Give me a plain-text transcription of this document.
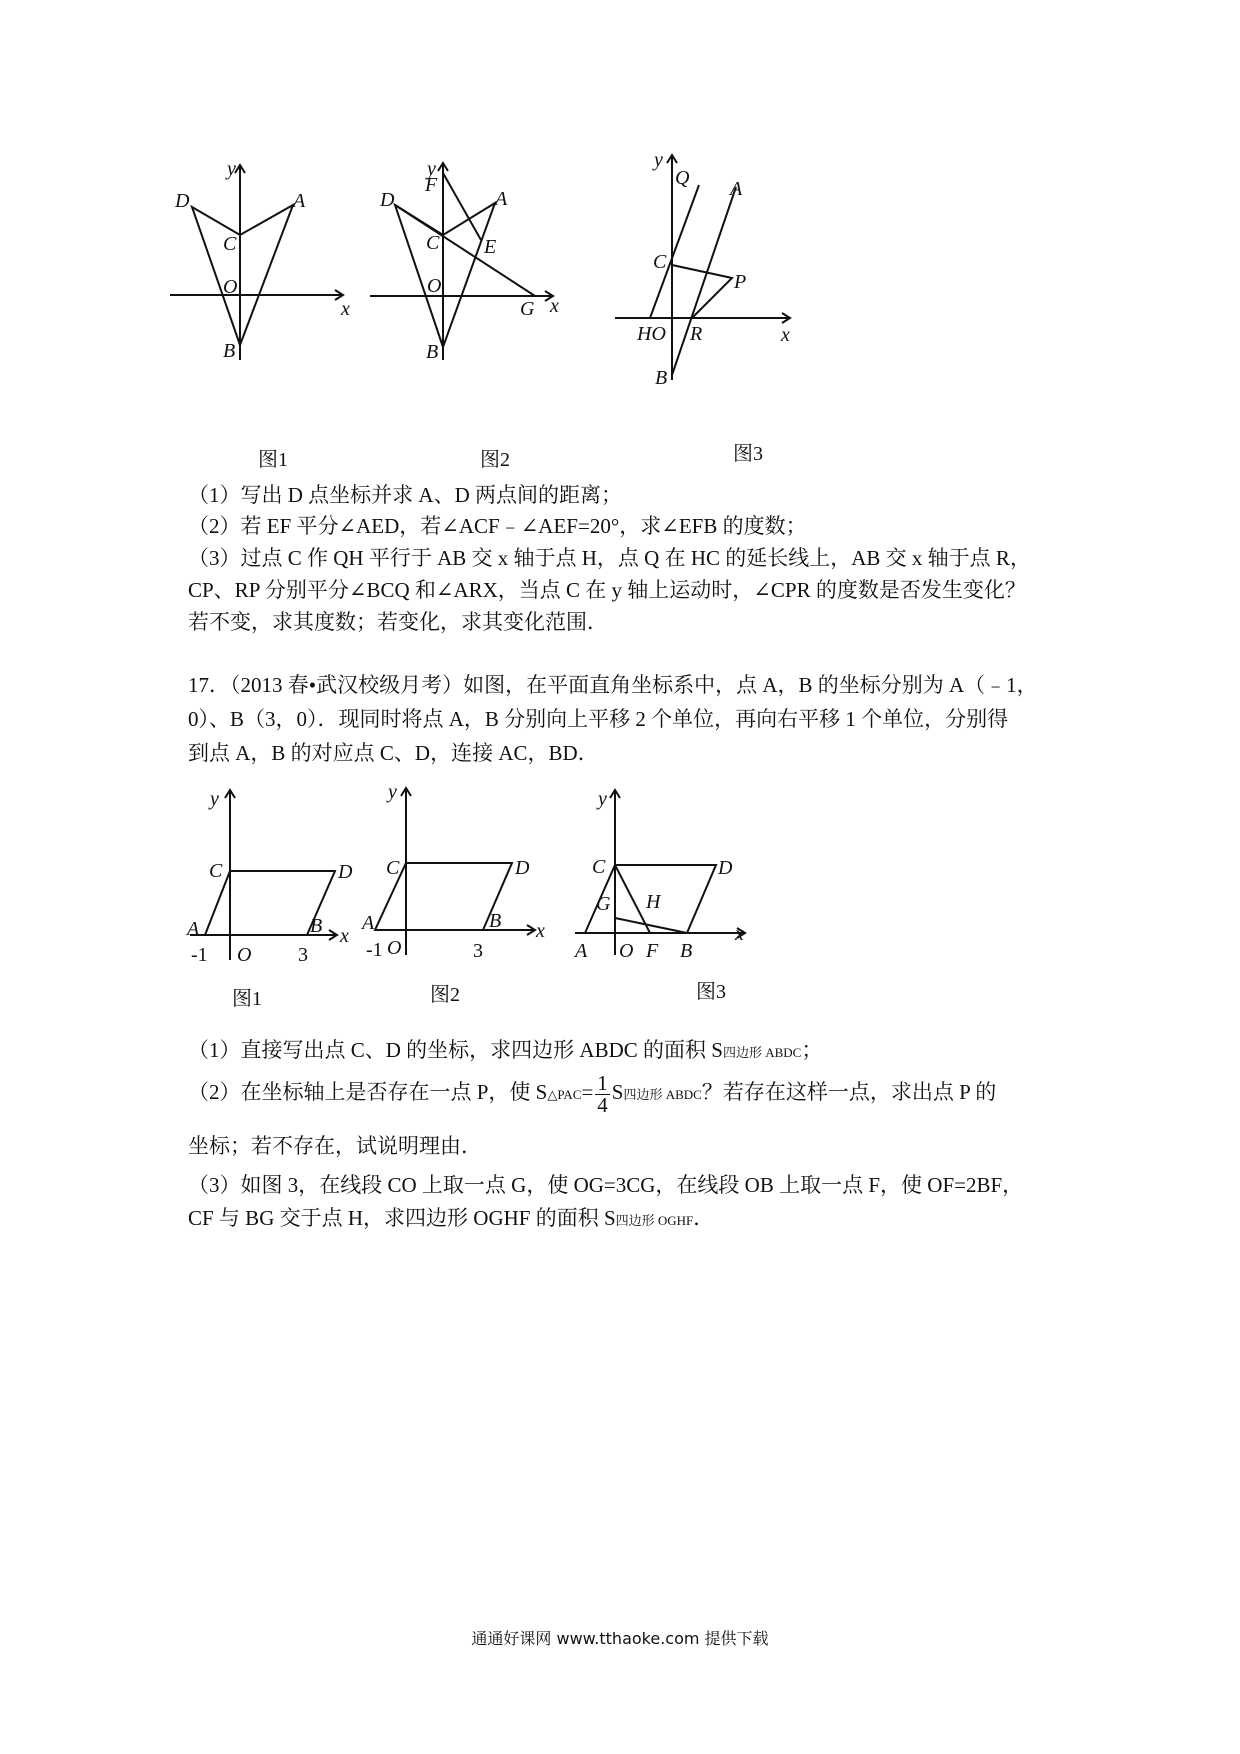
y
x
D	A
C
O
B
图1
y
F
x
D	A
C E
O
G
B
图2
y
Q A
C
P
HO R	x
B
图3
（1）写出 D 点坐标并求 A、D 两点间的距离；
（2）若 EF 平分∠AED，若∠ACF﹣∠AEF=20°，求∠EFB 的度数；
（3）过点 C 作 QH 平行于 AB 交 x 轴于点 H，点 Q 在 HC 的延长线上，AB 交 x 轴于点 R，
CP、RP 分别平分∠BCQ 和∠ARX，当点 C 在 y 轴上运动时，∠CPR 的度数是否发生变化？
若不变，求其度数；若变化，求其变化范围．
17．（2013 春•武汉校级月考）如图，在平面直角坐标系中，点 A，B 的坐标分别为 A（﹣1，
0）、B（3，0）．现同时将点 A，B 分别向上平移 2 个单位，再向右平移 1 个单位，分别得
到点 A，B 的对应点 C、D，连接 AC，BD．
y
C	D
A	B x
-1 O 3
图1
y
C	D
A	B x
-1 O	3
图2
y
C	D
G H
x
A O F B
图3
（1）直接写出点 C、D 的坐标，求四边形 ABDC 的面积 S四边形 ABDC；
（2）在坐标轴上是否存在一点 P，使 S△PAC= $\frac{1}{4}$ S四边形 ABDC？若存在这样一点，求出点 P 的
坐标；若不存在，试说明理由．
（3）如图 3，在线段 CO 上取一点 G，使 OG=3CG，在线段 OB 上取一点 F，使 OF=2BF，
CF 与 BG 交于点 H，求四边形 OGHF 的面积 S四边形 OGHF．
通通好课网 www.tthaoke.com 提供下载
